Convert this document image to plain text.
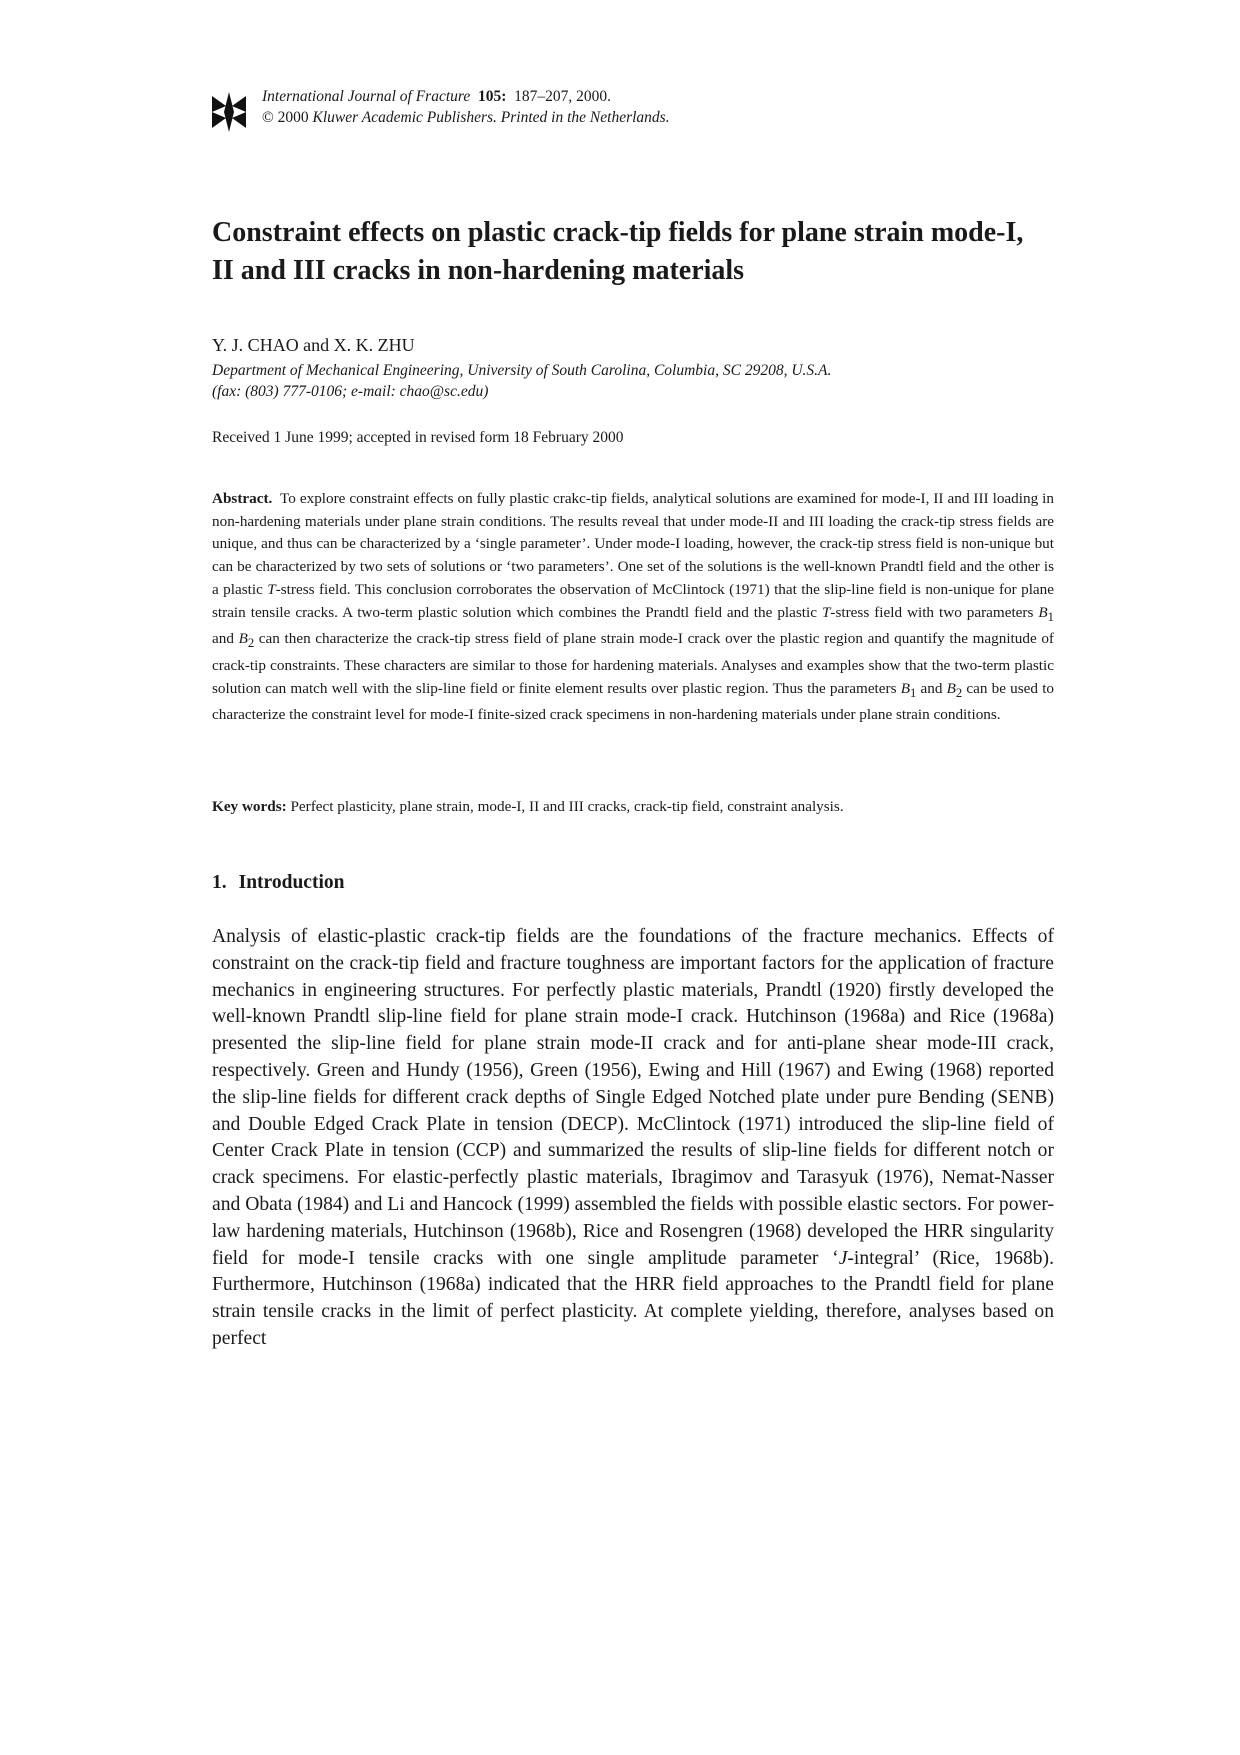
International Journal of Fracture 105: 187–207, 2000.
© 2000 Kluwer Academic Publishers. Printed in the Netherlands.
Constraint effects on plastic crack-tip fields for plane strain mode-I, II and III cracks in non-hardening materials
Y. J. CHAO and X. K. ZHU
Department of Mechanical Engineering, University of South Carolina, Columbia, SC 29208, U.S.A.
(fax: (803) 777-0106; e-mail: chao@sc.edu)
Received 1 June 1999; accepted in revised form 18 February 2000

Abstract. To explore constraint effects on fully plastic crakc-tip fields, analytical solutions are examined for mode-I, II and III loading in non-hardening materials under plane strain conditions. The results reveal that under mode-II and III loading the crack-tip stress fields are unique, and thus can be characterized by a ‘single parameter’. Under mode-I loading, however, the crack-tip stress field is non-unique but can be characterized by two sets of solutions or ‘two parameters’. One set of the solutions is the well-known Prandtl field and the other is a plastic T-stress field. This conclusion corroborates the observation of McClintock (1971) that the slip-line field is non-unique for plane strain tensile cracks. A two-term plastic solution which combines the Prandtl field and the plastic T-stress field with two parameters $B_1$ and $B_2$ can then characterize the crack-tip stress field of plane strain mode-I crack over the plastic region and quantify the magnitude of crack-tip constraints. These characters are similar to those for hardening materials. Analyses and examples show that the two-term plastic solution can match well with the slip-line field or finite element results over plastic region. Thus the parameters $B_1$ and $B_2$ can be used to characterize the constraint level for mode-I finite-sized crack specimens in non-hardening materials under plane strain conditions.

Key words: Perfect plasticity, plane strain, mode-I, II and III cracks, crack-tip field, constraint analysis.
1. Introduction

Analysis of elastic-plastic crack-tip fields are the foundations of the fracture mechanics. Effects of constraint on the crack-tip field and fracture toughness are important factors for the application of fracture mechanics in engineering structures. For perfectly plastic materials, Prandtl (1920) firstly developed the well-known Prandtl slip-line field for plane strain mode-I crack. Hutchinson (1968a) and Rice (1968a) presented the slip-line field for plane strain mode-II crack and for anti-plane shear mode-III crack, respectively. Green and Hundy (1956), Green (1956), Ewing and Hill (1967) and Ewing (1968) reported the slip-line fields for different crack depths of Single Edged Notched plate under pure Bending (SENB) and Double Edged Crack Plate in tension (DECP). McClintock (1971) introduced the slip-line field of Center Crack Plate in tension (CCP) and summarized the results of slip-line fields for different notch or crack specimens. For elastic-perfectly plastic materials, Ibragimov and Tarasyuk (1976), Nemat-Nasser and Obata (1984) and Li and Hancock (1999) assembled the fields with possible elastic sectors. For power-law hardening materials, Hutchinson (1968b), Rice and Rosengren (1968) developed the HRR singularity field for mode-I tensile cracks with one single amplitude parameter ‘J-integral’ (Rice, 1968b). Furthermore, Hutchinson (1968a) indicated that the HRR field approaches to the Prandtl field for plane strain tensile cracks in the limit of perfect plasticity. At complete yielding, therefore, analyses based on perfect
